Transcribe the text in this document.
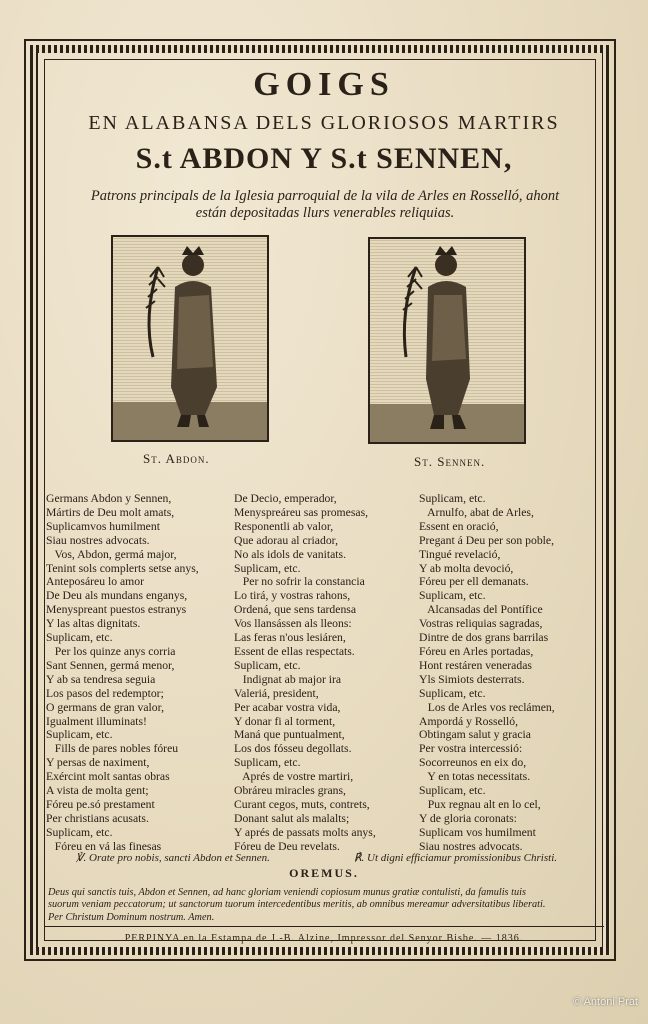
GOIGS
EN ALABANSA DELS GLORIOSOS MARTIRS
S.t ABDON Y S.t SENNEN,
Patrons principals de la Iglesia parroquial de la vila de Arles en Rosselló, ahont
están depositadas llurs venerables reliquias.
St. Abdon.	St. Sennen.
Germans Abdon y Sennen,
Mártirs de Deu molt amats,
Suplicamvos humilment
Siau nostres advocats.
Vos, Abdon, germá major,
Tenint sols complerts setse anys,
Anteposáreu lo amor
De Deu als mundans enganys,
Menyspreant puestos estranys
Y las altas dignitats.
Suplicam, etc.
Per los quinze anys corria
Sant Sennen, germá menor,
Y ab sa tendresa seguia
Los pasos del redemptor;
O germans de gran valor,
Igualment illuminats!
Suplicam, etc.
Fills de pares nobles fóreu
Y persas de naximent,
Exércint molt santas obras
A vista de molta gent;
Fóreu pe.só prestament
Per christians acusats.
Suplicam, etc.
Fóreu en vá las finesas
De Decio, emperador,
Menyspreáreu sas promesas,
Responentli ab valor,
Que adorau al criador,
No als idols de vanitats.
Suplicam, etc.
Per no sofrir la constancia
Lo tirá, y vostras rahons,
Ordená, que sens tardensa
Vos llansássen als lleons:
Las feras n'ous lesiáren,
Essent de ellas respectats.
Suplicam, etc.
Indignat ab major ira
Valeriá, president,
Per acabar vostra vida,
Y donar fi al torment,
Maná que puntualment,
Los dos fósseu degollats.
Suplicam, etc.
Aprés de vostre martiri,
Obráreu miracles grans,
Curant cegos, muts, contrets,
Donant salut als malalts;
Y aprés de passats molts anys,
Fóreu de Deu revelats.
Suplicam, etc.
Arnulfo, abat de Arles,
Essent en oració,
Pregant á Deu per son poble,
Tingué revelació,
Y ab molta devoció,
Fóreu per ell demanats.
Suplicam, etc.
Alcansadas del Pontífice
Vostras reliquias sagradas,
Dintre de dos grans barrilas
Fóreu en Arles portadas,
Hont restáren veneradas
Yls Simiots desterrats.
Suplicam, etc.
Los de Arles vos reclámen,
Ampordá y Rosselló,
Obtingam salut y gracia
Per vostra intercessió:
Socorreunos en eix do,
Y en totas necessitats.
Suplicam, etc.
Pux regnau alt en lo cel,
Y de gloria coronats:
Suplicam vos humilment
Siau nostres advocats.
℣. Orate pro nobis, sancti Abdon et Sennen.	℟. Ut digni efficiamur promissionibus Christi.
OREMUS.
Deus qui sanctis tuis, Abdon et Sennen, ad hanc gloriam veniendi copiosum munus gratiæ contulisti, da famulis tuis
suorum veniam peccatorum; ut sanctorum tuorum intercedentibus meritis, ab omnibus mereamur adversitatibus liberati.
Per Christum Dominum nostrum. Amen.
PERPINYA en la Estampa de J.-B. Alzine, Impressor del Senyor Bisbe. — 1836.
© Antoni Prat
